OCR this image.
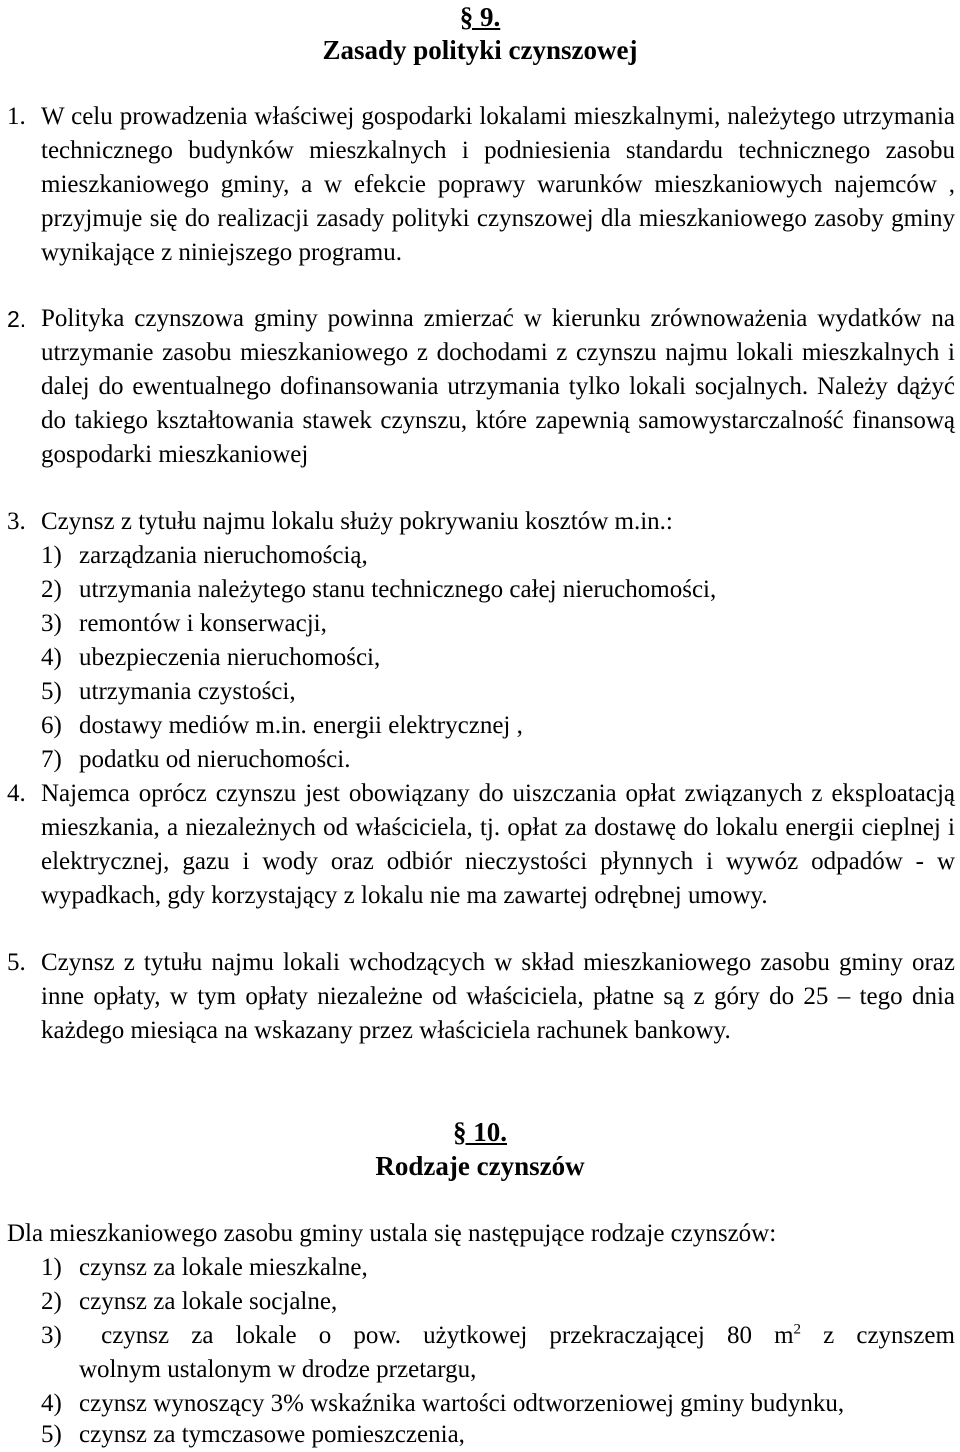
§ 9.
Zasady polityki czynszowej
1. W celu prowadzenia właściwej gospodarki lokalami mieszkalnymi, należytego utrzymania technicznego budynków mieszkalnych i podniesienia standardu technicznego zasobu mieszkaniowego gminy, a w efekcie poprawy warunków mieszkaniowych najemców , przyjmuje się do realizacji zasady polityki czynszowej dla mieszkaniowego zasoby gminy wynikające z niniejszego programu.
2. Polityka czynszowa gminy powinna zmierzać w kierunku zrównoważenia wydatków na utrzymanie zasobu mieszkaniowego z dochodami z czynszu najmu lokali mieszkalnych i dalej do ewentualnego dofinansowania utrzymania tylko lokali socjalnych. Należy dążyć do takiego kształtowania stawek czynszu, które zapewnią samowystarczalność finansową gospodarki mieszkaniowej
3. Czynsz z tytułu najmu lokalu służy pokrywaniu kosztów m.in.:
1) zarządzania nieruchomością,
2) utrzymania należytego stanu technicznego całej nieruchomości,
3) remontów i konserwacji,
4) ubezpieczenia nieruchomości,
5) utrzymania czystości,
6) dostawy mediów m.in. energii elektrycznej ,
7) podatku od nieruchomości.
4. Najemca oprócz czynszu jest obowiązany do uiszczania opłat związanych z eksploatacją mieszkania, a niezależnych od właściciela, tj. opłat za dostawę do lokalu energii cieplnej i elektrycznej, gazu i wody oraz odbiór nieczystości płynnych i wywóz odpadów - w wypadkach, gdy korzystający z lokalu nie ma zawartej odrębnej umowy.
5. Czynsz z tytułu najmu lokali wchodzących w skład mieszkaniowego zasobu gminy oraz inne opłaty, w tym opłaty niezależne od właściciela, płatne są z góry do 25 – tego dnia każdego miesiąca na wskazany przez właściciela rachunek bankowy.
§ 10.
Rodzaje czynszów
Dla mieszkaniowego zasobu gminy ustala się następujące rodzaje czynszów:
1) czynsz za lokale mieszkalne,
2) czynsz za lokale socjalne,
3)	czynsz za lokale o pow. użytkowej przekraczającej 80 $m^2$ z czynszem
wolnym ustalonym w drodze przetargu,
4) czynsz wynoszący 3% wskaźnika wartości odtworzeniowej gminy budynku,
5) czynsz za tymczasowe pomieszczenia,
